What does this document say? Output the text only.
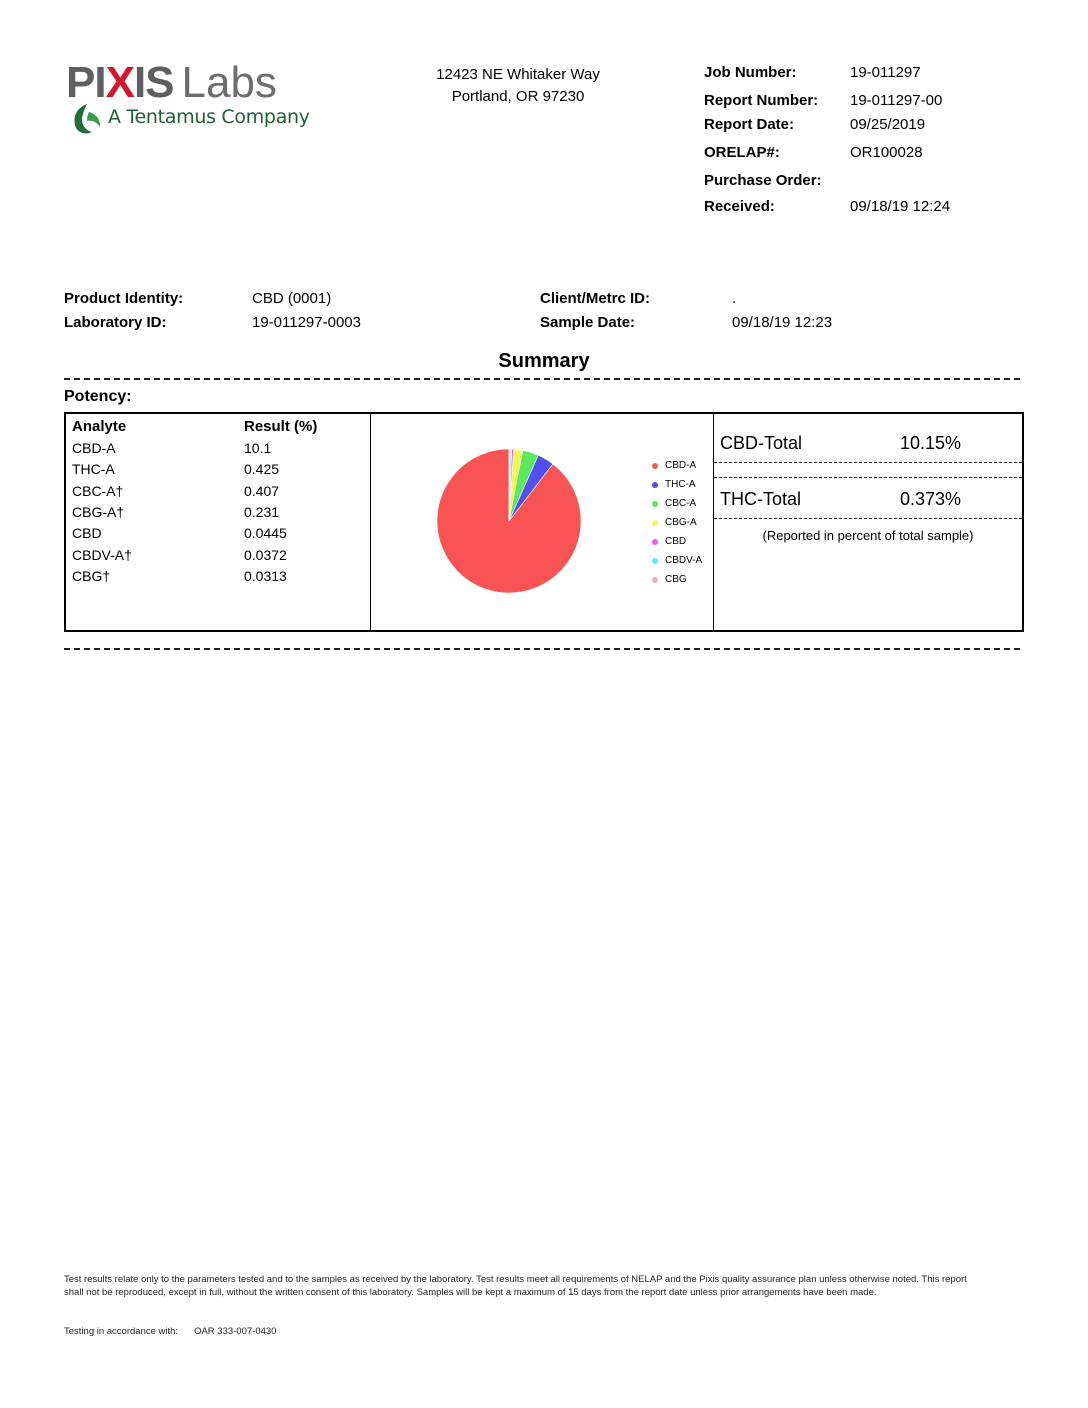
PIXIS Labs
A Tentamus Company
12423 NE Whitaker Way
Portland, OR 97230
Job Number:	19-011297
Report Number: 19-011297-00
Report Date:	09/25/2019
ORELAP#:	OR100028
Purchase Order:
Received:	09/18/19 12:24
Product Identity:	CBD (0001)
Laboratory ID:	19-011297-0003
Client/Metrc ID:	.
Sample Date:	09/18/19 12:23
Summary
Potency:
Analyte	Result (%)
CBD-A	10.1
THC-A	0.425
CBC-A†	0.407
CBG-A†	0.231
CBD	0.0445
CBDV-A†	0.0372
CBG†	0.0313
CBD-A
THC-A
CBC-A
CBG-A
CBD
CBDV-A
CBG
CBD-Total	10.15%
THC-Total	0.373%
(Reported in percent of total sample)
Test results relate only to the parameters tested and to the samples as received by the laboratory. Test results meet all requirements of NELAP and the Pixis quality assurance plan unless otherwise noted. This report shall not be reproduced, except in full, without the written consent of this laboratory. Samples will be kept a maximum of 15 days from the report date unless prior arrangements have been made.
Testing in accordance with: OAR 333-007-0430
